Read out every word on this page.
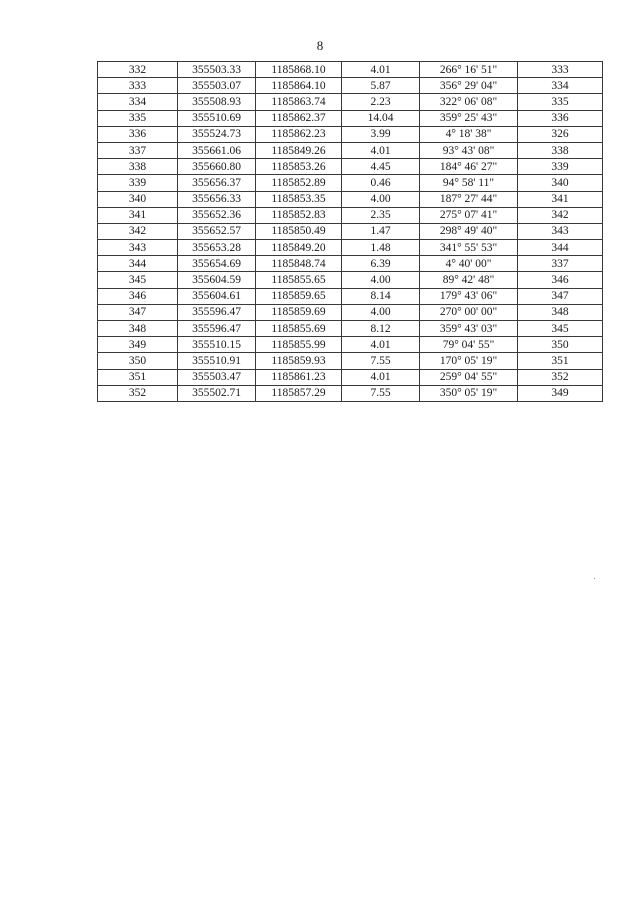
8
332	355503.33	1185868.10	4.01	266° 16' 51"	333
333	355503.07	1185864.10	5.87	356° 29' 04"	334
334	355508.93	1185863.74	2.23	322° 06' 08"	335
335	355510.69	1185862.37	14.04	359° 25' 43"	336
336	355524.73	1185862.23	3.99	4° 18' 38"	326
337	355661.06	1185849.26	4.01	93° 43' 08"	338
338	355660.80	1185853.26	4.45	184° 46' 27"	339
339	355656.37	1185852.89	0.46	94° 58' 11"	340
340	355656.33	1185853.35	4.00	187° 27' 44"	341
341	355652.36	1185852.83	2.35	275° 07' 41"	342
342	355652.57	1185850.49	1.47	298° 49' 40"	343
343	355653.28	1185849.20	1.48	341° 55' 53"	344
344	355654.69	1185848.74	6.39	4° 40' 00"	337
345	355604.59	1185855.65	4.00	89° 42' 48"	346
346	355604.61	1185859.65	8.14	179° 43' 06"	347
347	355596.47	1185859.69	4.00	270° 00' 00"	348
348	355596.47	1185855.69	8.12	359° 43' 03"	345
349	355510.15	1185855.99	4.01	79° 04' 55"	350
350	355510.91	1185859.93	7.55	170° 05' 19"	351
351	355503.47	1185861.23	4.01	259° 04' 55"	352
352	355502.71	1185857.29	7.55	350° 05' 19"	349
